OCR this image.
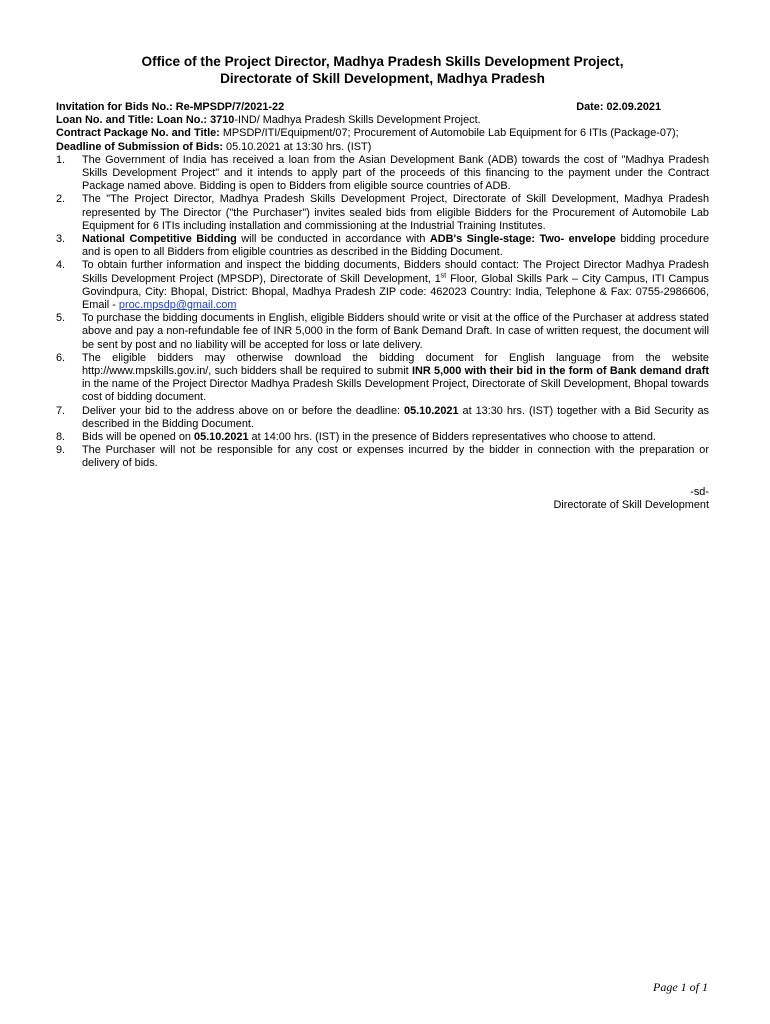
Office of the Project Director, Madhya Pradesh Skills Development Project,
Directorate of Skill Development, Madhya Pradesh
Invitation for Bids No.: Re-MPSDP/7/2021-22	Date: 02.09.2021
Loan No. and Title: Loan No.: 3710-IND/ Madhya Pradesh Skills Development Project.
Contract Package No. and Title: MPSDP/ITI/Equipment/07; Procurement of Automobile Lab Equipment for 6 ITIs (Package-07);
Deadline of Submission of Bids: 05.10.2021 at 13:30 hrs. (IST)
1. The Government of India has received a loan from the Asian Development Bank (ADB) towards the cost of "Madhya Pradesh Skills Development Project" and it intends to apply part of the proceeds of this financing to the payment under the Contract Package named above. Bidding is open to Bidders from eligible source countries of ADB.
2. The "The Project Director, Madhya Pradesh Skills Development Project, Directorate of Skill Development, Madhya Pradesh represented by The Director ("the Purchaser") invites sealed bids from eligible Bidders for the Procurement of Automobile Lab Equipment for 6 ITIs including installation and commissioning at the Industrial Training Institutes.
3. National Competitive Bidding will be conducted in accordance with ADB's Single-stage: Two- envelope bidding procedure and is open to all Bidders from eligible countries as described in the Bidding Document.
4. To obtain further information and inspect the bidding documents, Bidders should contact: The Project Director Madhya Pradesh Skills Development Project (MPSDP), Directorate of Skill Development, 1st Floor, Global Skills Park – City Campus, ITI Campus Govindpura, City: Bhopal, District: Bhopal, Madhya Pradesh ZIP code: 462023 Country: India, Telephone & Fax: 0755-2986606, Email - proc.mpsdp@gmail.com
5. To purchase the bidding documents in English, eligible Bidders should write or visit at the office of the Purchaser at address stated above and pay a non-refundable fee of INR 5,000 in the form of Bank Demand Draft. In case of written request, the document will be sent by post and no liability will be accepted for loss or late delivery.
6. The eligible bidders may otherwise download the bidding document for English language from the website http://www.mpskills.gov.in/, such bidders shall be required to submit INR 5,000 with their bid in the form of Bank demand draft in the name of the Project Director Madhya Pradesh Skills Development Project, Directorate of Skill Development, Bhopal towards cost of bidding document.
7. Deliver your bid to the address above on or before the deadline: 05.10.2021 at 13:30 hrs. (IST) together with a Bid Security as described in the Bidding Document.
8. Bids will be opened on 05.10.2021 at 14:00 hrs. (IST) in the presence of Bidders representatives who choose to attend.
9. The Purchaser will not be responsible for any cost or expenses incurred by the bidder in connection with the preparation or delivery of bids.
-sd-
Directorate of Skill Development
Page 1 of 1
